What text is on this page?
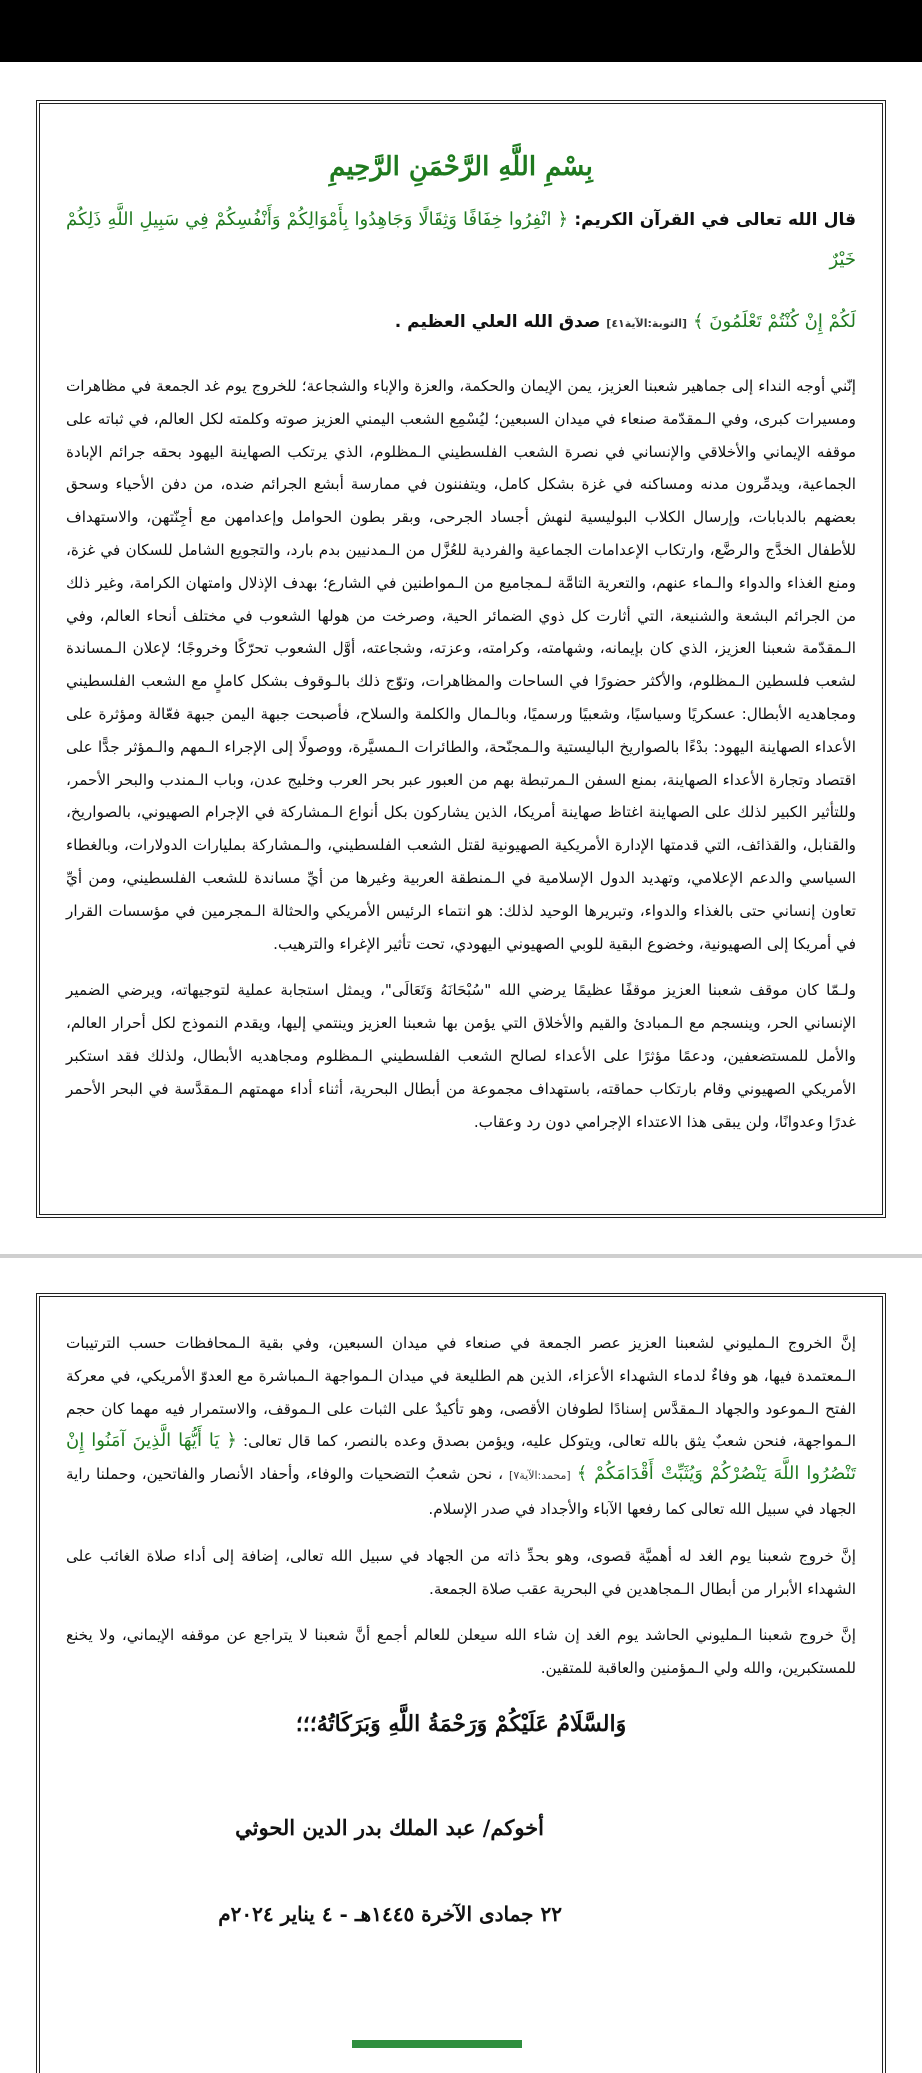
بِسْمِ اللَّهِ الرَّحْمَنِ الرَّحِيمِ

قال الله تعالى في القرآن الكريم: ﴿ انْفِرُوا خِفَافًا وَثِقَالًا وَجَاهِدُوا بِأَمْوَالِكُمْ وَأَنْفُسِكُمْ فِي سَبِيلِ اللَّهِ ذَلِكُمْ خَيْرٌ

لَكُمْ إِنْ كُنْتُمْ تَعْلَمُونَ ﴾ [التوبة:الآية٤١] صدق الله العلي العظيم .

إنّني أوجه النداء إلى جماهير شعبنا العزيز، يمن الإيمان والحكمة، والعزة والإباء والشجاعة؛ للخروج يوم غد الجمعة في مظاهرات ومسيرات كبرى، وفي الـمقدّمة صنعاء في ميدان السبعين؛ ليُسْمِع الشعب اليمني العزيز صوته وكلمته لكل العالم، في ثباته على موقفه الإيماني والأخلاقي والإنساني في نصرة الشعب الفلسطيني الـمظلوم، الذي يرتكب الصهاينة اليهود بحقه جرائم الإبادة الجماعية، ويدمِّرون مدنه ومساكنه في غزة بشكل كامل، ويتفننون في ممارسة أبشع الجرائم ضده، من دفن الأحياء وسحق بعضهم بالدبابات، وإرسال الكلاب البوليسية لنهش أجساد الجرحى، وبقر بطون الحوامل وإعدامهن مع أجِنّتهن، والاستهداف للأطفال الخدَّج والرضَّع، وارتكاب الإعدامات الجماعية والفردية للعُزَّل من الـمدنيين بدم بارد، والتجويع الشامل للسكان في غزة، ومنع الغذاء والدواء والـماء عنهم، والتعرية التامَّة لـمجاميع من الـمواطنين في الشارع؛ بهدف الإذلال وامتهان الكرامة، وغير ذلك من الجرائم البشعة والشنيعة، التي أثارت كل ذوي الضمائر الحية، وصرخت من هولها الشعوب في مختلف أنحاء العالم، وفي الـمقدّمة شعبنا العزيز، الذي كان بإيمانه، وشهامته، وكرامته، وعزته، وشجاعته، أوَّل الشعوب تحرّكًا وخروجًا؛ لإعلان الـمساندة لشعب فلسطين الـمظلوم، والأكثر حضورًا في الساحات والمظاهرات، وتوّج ذلك بالـوقوف بشكل كاملٍ مع الشعب الفلسطيني ومجاهديه الأبطال: عسكريًا وسياسيًا، وشعبيًا ورسميًا، وبالـمال والكلمة والسلاح، فأصبحت جبهة اليمن جبهة فعّالة ومؤثرة على الأعداء الصهاينة اليهود: بدْءًا بالصواريخ الباليستية والـمجنّحة، والطائرات الـمسيَّرة، ووصولًا إلى الإجراء الـمهم والـمؤثر جدًّا على اقتصاد وتجارة الأعداء الصهاينة، بمنع السفن الـمرتبطة بهم من العبور عبر بحر العرب وخليج عدن، وباب الـمندب والبحر الأحمر، وللتأثير الكبير لذلك على الصهاينة اغتاظ صهاينة أمريكا، الذين يشاركون بكل أنواع الـمشاركة في الإجرام الصهيوني، بالصواريخ، والقنابل، والقذائف، التي قدمتها الإدارة الأمريكية الصهيونية لقتل الشعب الفلسطيني، والـمشاركة بمليارات الدولارات، وبالغطاء السياسي والدعم الإعلامي، وتهديد الدول الإسلامية في الـمنطقة العربية وغيرها من أيِّ مساندة للشعب الفلسطيني، ومن أيِّ تعاون إنساني حتى بالغذاء والدواء، وتبريرها الوحيد لذلك: هو انتماء الرئيس الأمريكي والحثالة الـمجرمين في مؤسسات القرار في أمريكا إلى الصهيونية، وخضوع البقية للوبي الصهيوني اليهودي، تحت تأثير الإغراء والترهيب.

ولـمّا كان موقف شعبنا العزيز موقفًا عظيمًا يرضي الله "سُبْحَانَهُ وَتَعَالَى"، ويمثل استجابة عملية لتوجيهاته، ويرضي الضمير الإنساني الحر، وينسجم مع الـمبادئ والقيم والأخلاق التي يؤمن بها شعبنا العزيز وينتمي إليها، ويقدم النموذج لكل أحرار العالم، والأمل للمستضعفين، ودعمًا مؤثرًا على الأعداء لصالح الشعب الفلسطيني الـمظلوم ومجاهديه الأبطال، ولذلك فقد استكبر الأمريكي الصهيوني وقام بارتكاب حماقته، باستهداف مجموعة من أبطال البحرية، أثناء أداء مهمتهم الـمقدَّسة في البحر الأحمر غدرًا وعدوانًا، ولن يبقى هذا الاعتداء الإجرامي دون رد وعقاب.

إنَّ الخروج الـمليوني لشعبنا العزيز عصر الجمعة في صنعاء في ميدان السبعين، وفي بقية الـمحافظات حسب الترتيبات الـمعتمدة فيها، هو وفاءٌ لدماء الشهداء الأعزاء، الذين هم الطليعة في ميدان الـمواجهة الـمباشرة مع العدوّ الأمريكي، في معركة الفتح الـموعود والجهاد الـمقدَّس إسنادًا لطوفان الأقصى، وهو تأكيدٌ على الثبات على الـموقف، والاستمرار فيه مهما كان حجم الـمواجهة، فنحن شعبٌ يثق بالله تعالى، ويتوكل عليه، ويؤمن بصدق وعده بالنصر، كما قال تعالى: ﴿ يَا أَيُّهَا الَّذِينَ آمَنُوا إِنْ تَنْصُرُوا اللَّهَ يَنْصُرْكُمْ وَيُثَبِّتْ أَقْدَامَكُمْ ﴾ [محمد:الآية٧] ، نحن شعبُ التضحيات والوفاء، وأحفاد الأنصار والفاتحين، وحملنا راية الجهاد في سبيل الله تعالى كما رفعها الآباء والأجداد في صدر الإسلام.

إنَّ خروج شعبنا يوم الغد له أهميَّة قصوى، وهو بحدِّ ذاته من الجهاد في سبيل الله تعالى، إضافة إلى أداء صلاة الغائب على الشهداء الأبرار من أبطال الـمجاهدين في البحرية عقب صلاة الجمعة.

إنَّ خروج شعبنا الـمليوني الحاشد يوم الغد إن شاء الله سيعلن للعالم أجمع أنَّ شعبنا لا يتراجع عن موقفه الإيماني، ولا يخنع للمستكبرين، والله ولي الـمؤمنين والعاقبة للمتقين.

وَالسَّلَامُ عَلَيْكُمْ وَرَحْمَةُ اللَّهِ وَبَرَكَاتُهُ؛؛؛
أخوكم/ عبد الملك بدر الدين الحوثي
٢٢ جمادى الآخرة ١٤٤٥هـ - ٤ يناير ٢٠٢٤م
